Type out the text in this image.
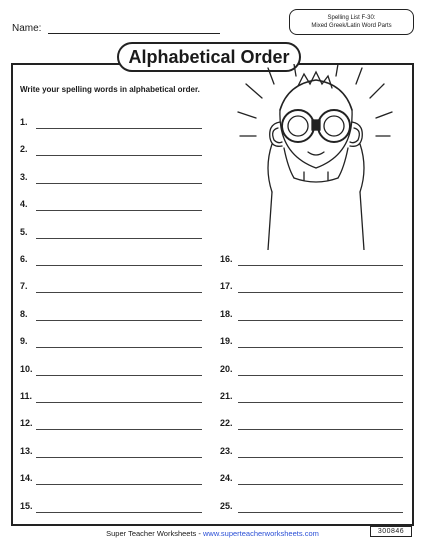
Name:
Spelling List F-30:
Mixed Greek/Latin Word Parts
Alphabetical Order
Write your spelling words in alphabetical order.
1.
2.
3.
4.
5.
6.
7.
8.
9.
10.
11.
12.
13.
14.
15.
16.
17.
18.
19.
20.
21.
22.
23.
24.
25.
Super Teacher Worksheets - www.superteacherworksheets.com	300846
